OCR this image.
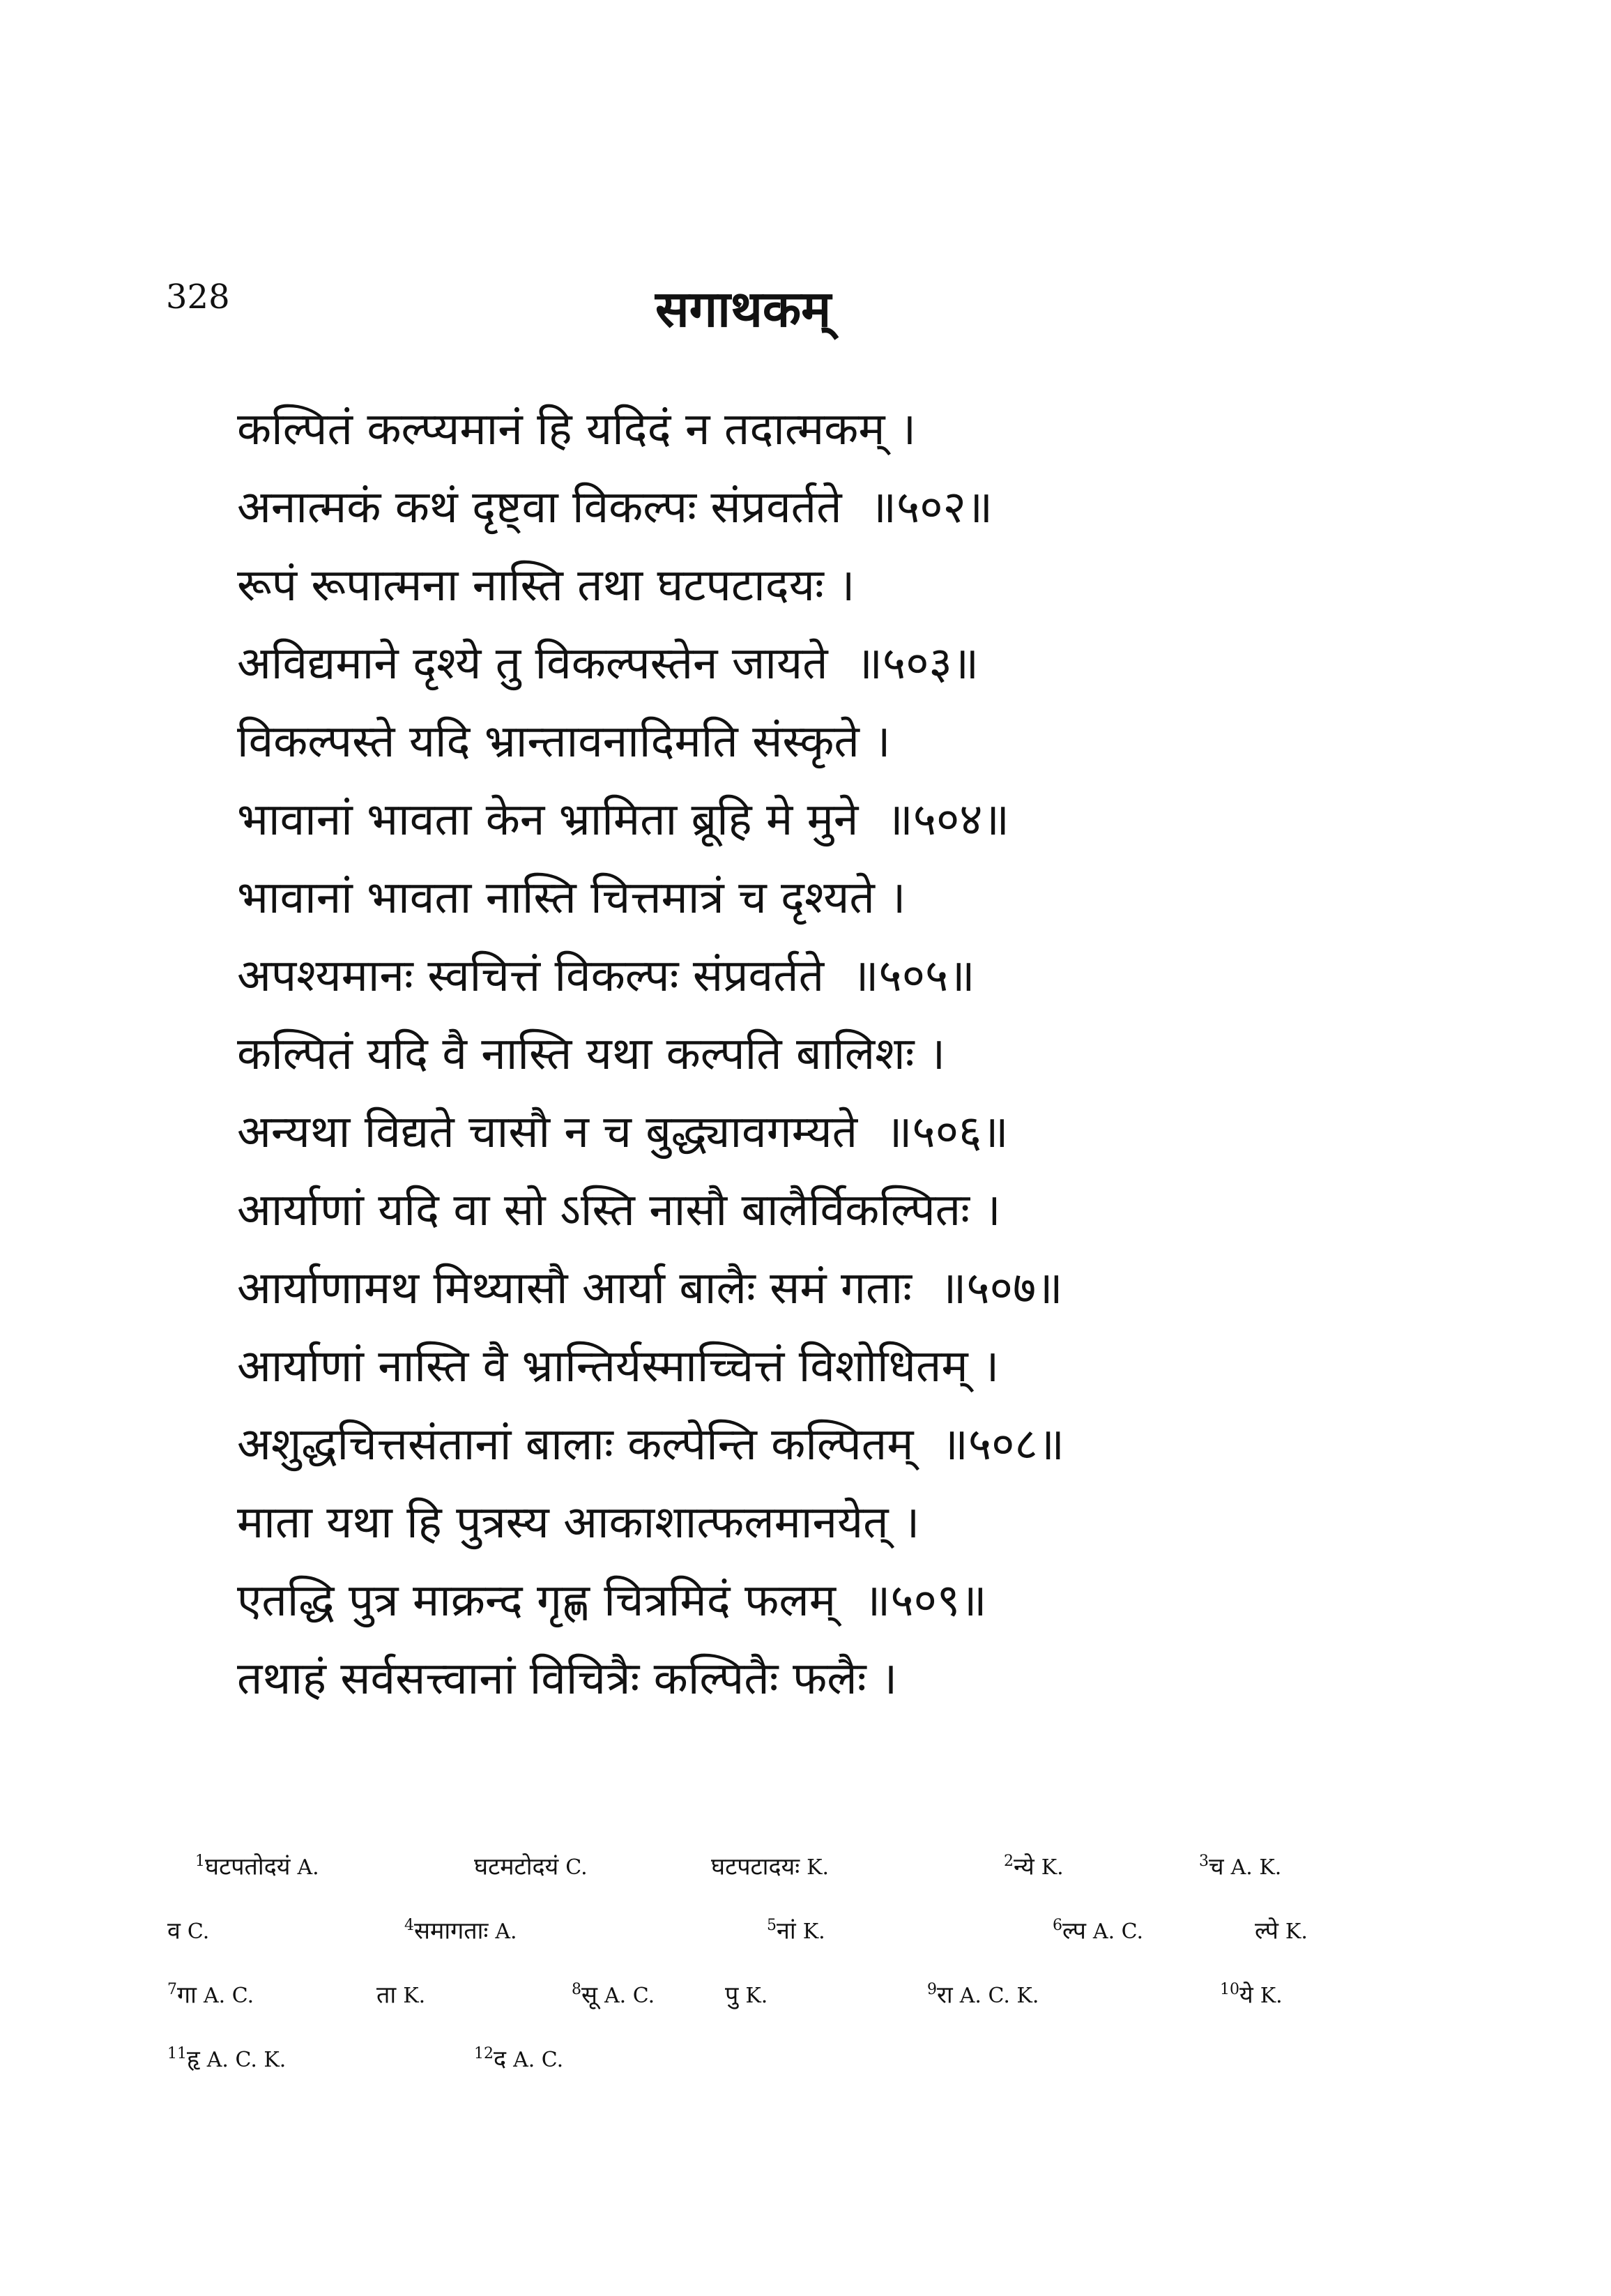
328	सगाथकम्
कल्पितं कल्प्यमानं हि यदिदं न तदात्मकम् ।
अनात्मकं कथं दृष्ट्वा विकल्पः संप्रवर्तते ॥५०२॥
रूपं रूपात्मना नास्ति तथा घटपटादयः ।
अविद्यमाने दृश्ये तु विकल्पस्तेन जायते ॥५०३॥
विकल्पस्ते यदि भ्रान्तावनादिमति संस्कृते ।
भावानां भावता केन भ्रामिता ब्रूहि मे मुने ॥५०४॥
भावानां भावता नास्ति चित्तमात्रं च दृश्यते ।
अपश्यमानः स्वचित्तं विकल्पः संप्रवर्तते ॥५०५॥
कल्पितं यदि वै नास्ति यथा कल्पति बालिशः ।
अन्यथा विद्यते चासौ न च बुद्ध्यावगम्यते ॥५०६॥
आर्याणां यदि वा सो ऽस्ति नासौ बालैर्विकल्पितः ।
आर्याणामथ मिथ्यासौ आर्या बालैः समं गताः ॥५०७॥
आर्याणां नास्ति वै भ्रान्तिर्यस्माच्चित्तं विशोधितम् ।
अशुद्धचित्तसंतानां बालाः कल्पेन्ति कल्पितम् ॥५०८॥
माता यथा हि पुत्रस्य आकाशात्फलमानयेत् ।
एतद्धि पुत्र माक्रन्द गृह्ण चित्रमिदं फलम् ॥५०९॥
तथाहं सर्वसत्त्वानां विचित्रैः कल्पितैः फलैः ।
$^1$घटपतोदयं A.	घटमटोदयं C.	घटपटादयः K.	$^2$न्ये K.	$^3$च A. K.
व C.	$^4$समागताः A.	$^5$नां K.	$^6$ल्प A. C.	ल्पे K.
$^7$गा A. C.	ता K.	$^8$सू A. C.	पु K.	$^9$रा A. C. K.	$^{10}$ये K.
$^{11}$हृ A. C. K.	$^{12}$द A. C.
